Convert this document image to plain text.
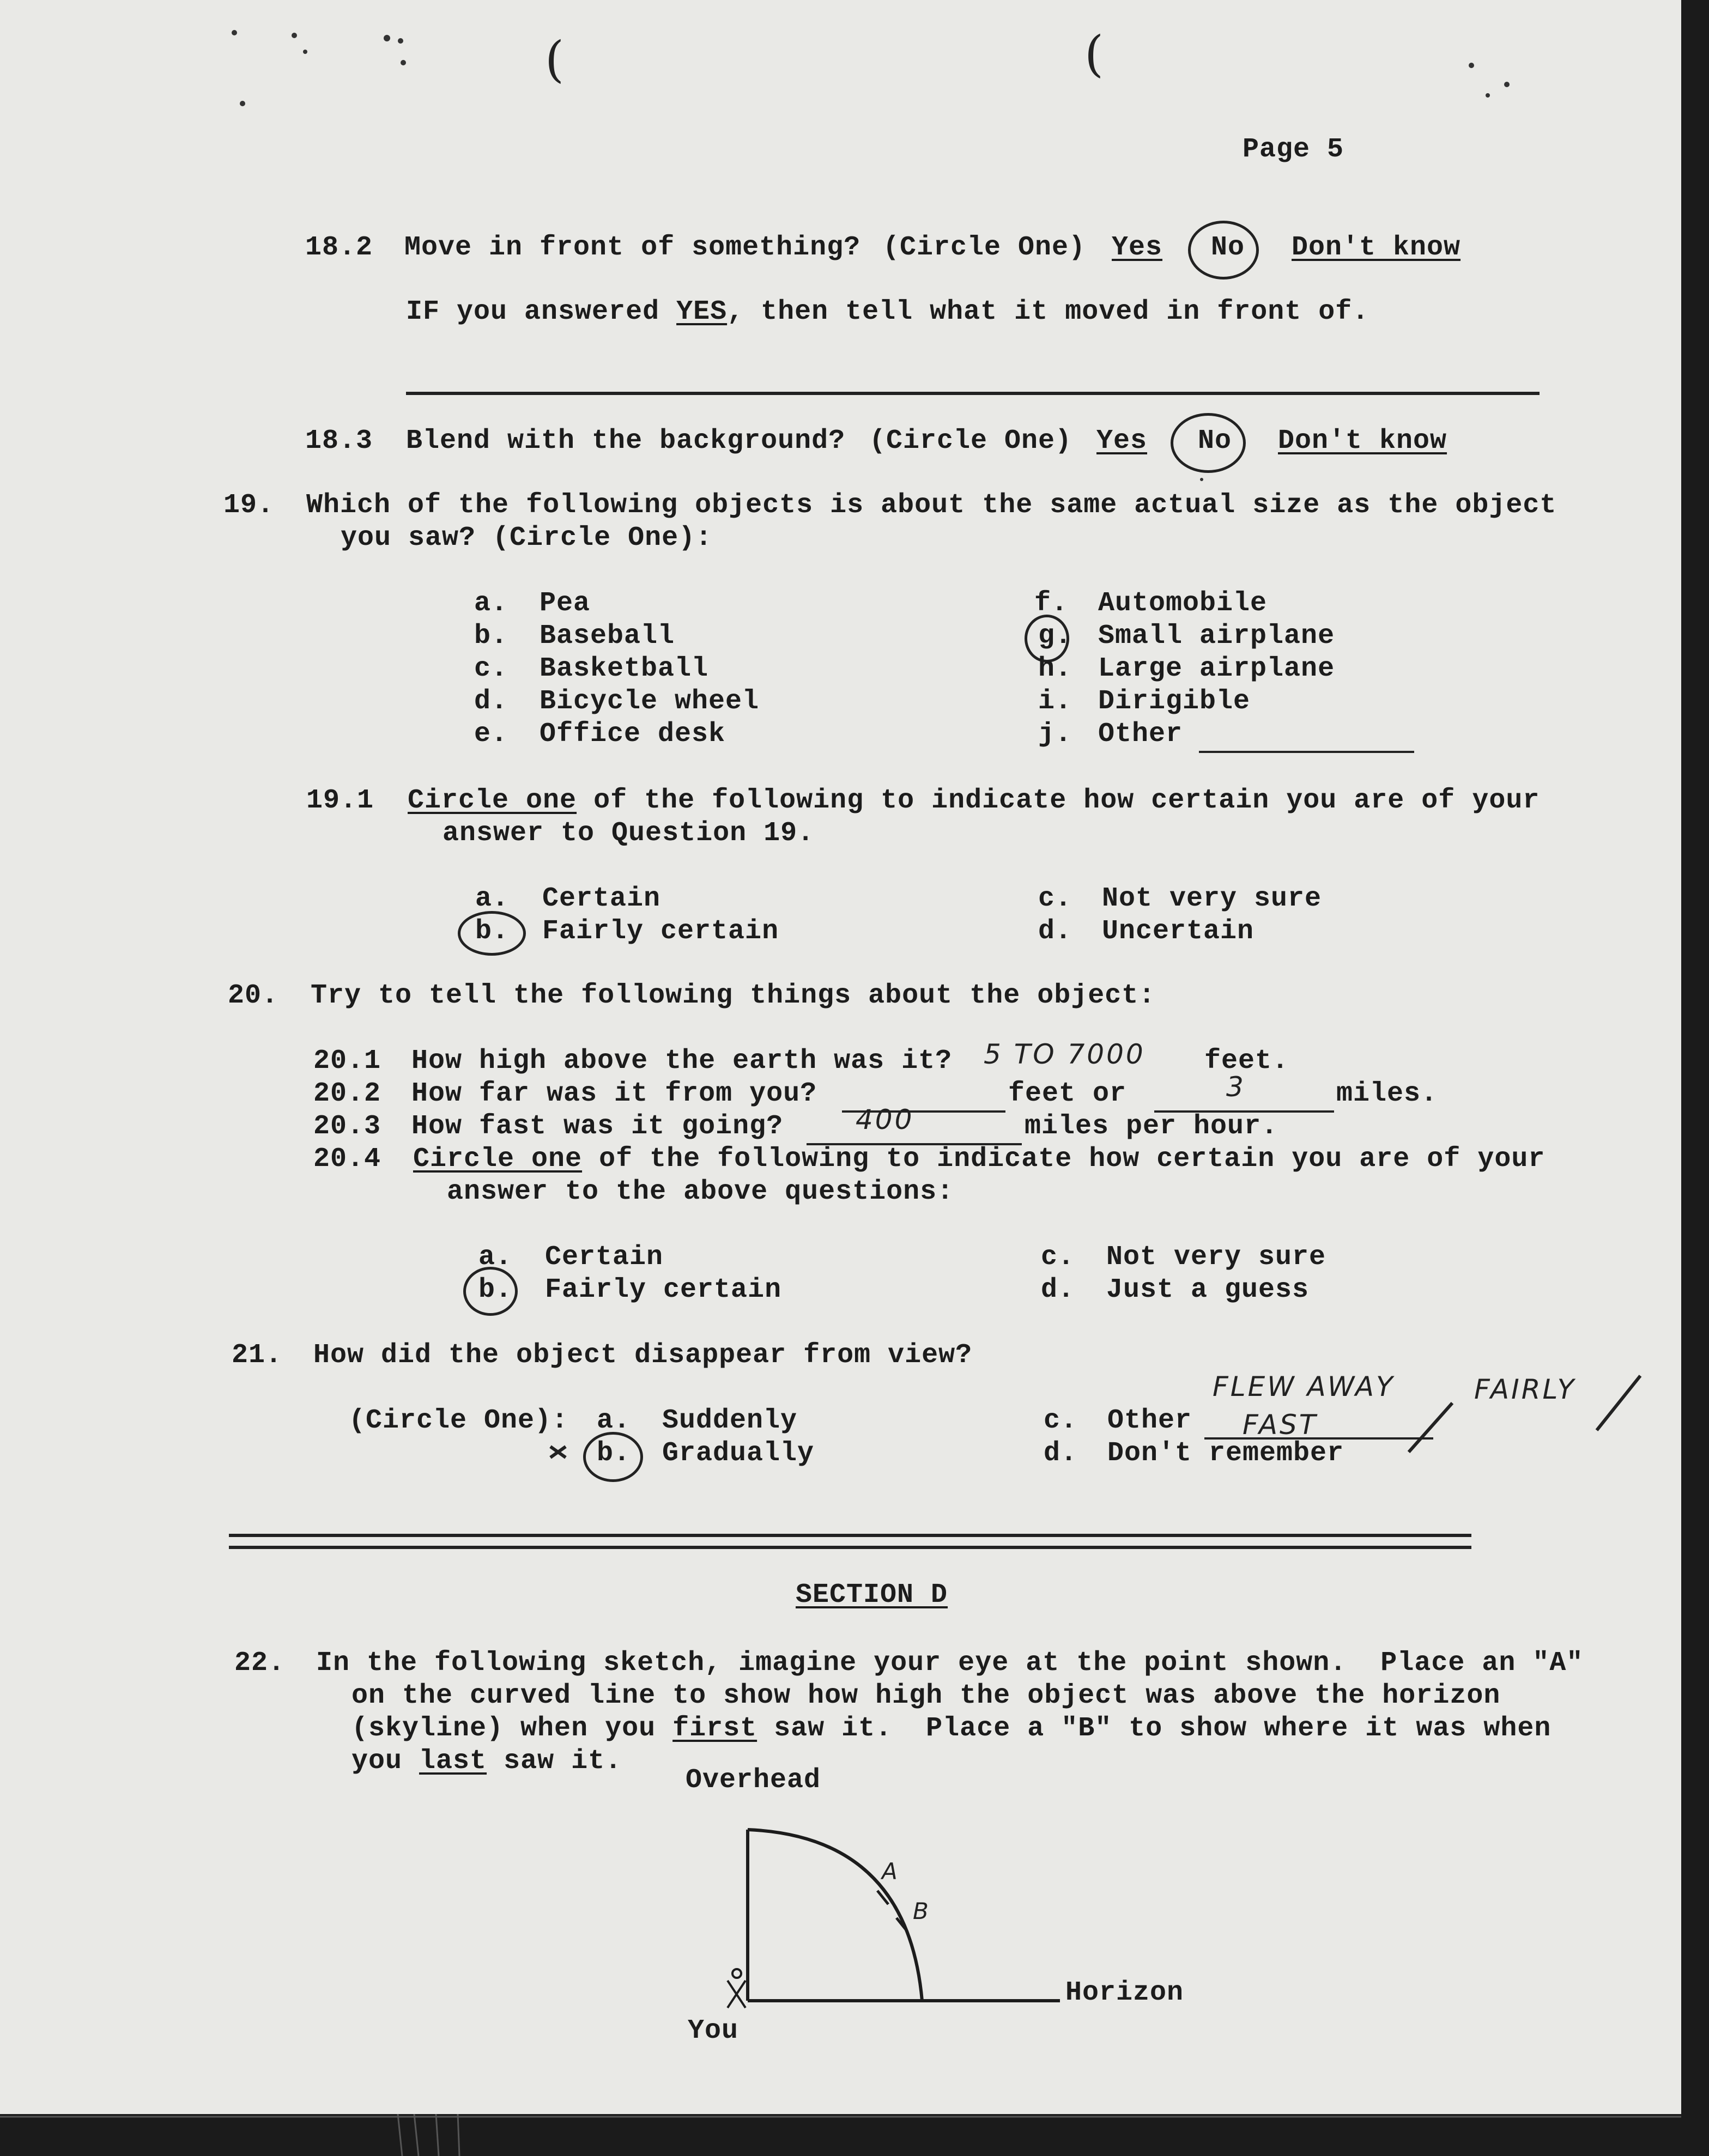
(	(
Page 5
18.2 Move in front of something? (Circle One) Yes No Don't know
IF you answered YES, then tell what it moved in front of.
18.3 Blend with the background? (Circle One) Yes No Don't know
19. Which of the following objects is about the same actual size as the object
you saw? (Circle One):
a. Pea
b. Baseball
c. Basketball
d. Bicycle wheel
e. Office desk
f. Automobile
g. Small airplane
h. Large airplane
i. Dirigible
j. Other
19.1 Circle one of the following to indicate how certain you are of your
answer to Question 19.
a. Certain
b. Fairly certain
c. Not very sure
d. Uncertain
20. Try to tell the following things about the object:
20.1 How high above the earth was it? 5 TO 7000 feet.
20.2 How far was it from you?	feet or	3	miles.
20.3 How fast was it going?	400	miles per hour.
20.4 Circle one of the following to indicate how certain you are of your
answer to the above questions:
a. Certain
b. Fairly certain
c. Not very sure
d. Just a guess
21. How did the object disappear from view?
(Circle One): a. Suddenly
b. Gradually
c. Other
FLEW AWAY
FAST
FAIRLY
d. Don't remember
SECTION D
22. In the following sketch, imagine your eye at the point shown.  Place an "A"
on the curved line to show how high the object was above the horizon
(skyline) when you first saw it.  Place a "B" to show where it was when
you last saw it.
Overhead
Horizon
You
A
B
